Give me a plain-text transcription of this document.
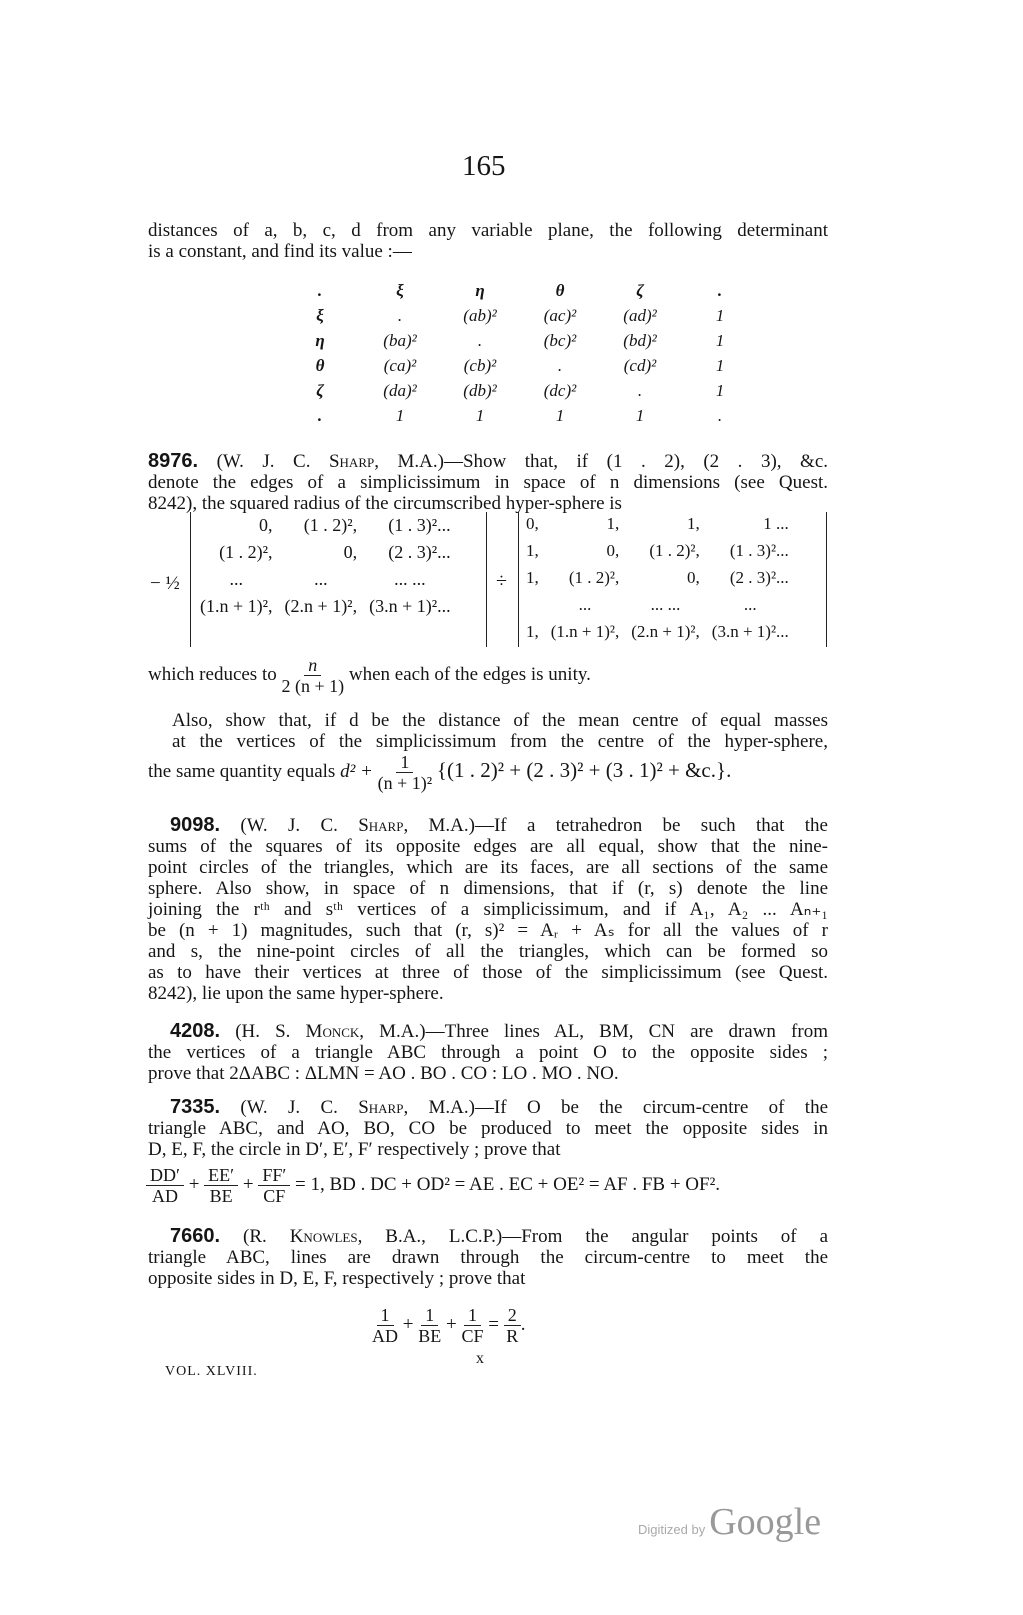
165
distances of a, b, c, d from any variable plane, the following determinant
is a constant, and find its value :—
.	ξ	η	θ	ζ	.
ξ	.	(ab)²	(ac)²	(ad)²	1
η	(ba)²	.	(bc)²	(bd)²	1
θ	(ca)²	(cb)²	.	(cd)²	1
ζ	(da)²	(db)²	(dc)²	.	1
.	1	1	1	1	.
8976. (W. J. C. Sharp, M.A.)—Show that, if (1 . 2), (2 . 3), &c.
denote the edges of a simplicissimum in space of n dimensions (see Quest.
8242), the squared radius of the circumscribed hyper-sphere is
− ½
0,	(1 . 2)²,	(1 . 3)²...
(1 . 2)²,	0,	(2 . 3)²...
...	...	... ...
(1.n + 1)²,	(2.n + 1)²,	(3.n + 1)²...
÷
0,	1,	1,	1 ...
1,	0,	(1 . 2)²,	(1 . 3)²...
1,	(1 . 2)²,	0,	(2 . 3)²...
	...	... ...	...
1,	(1.n + 1)²,	(2.n + 1)²,	(3.n + 1)²...
which reduces to $\frac{n}{2 (n + 1)}$ when each of the edges is unity.
Also, show that, if d be the distance of the mean centre of equal masses
at the vertices of the simplicissimum from the centre of the hyper-sphere,
the same quantity equals $d^2 + \frac{1}{\text{(n + 1)²}} \{(1$ . 2)² + (2 . 3)² + (3 . 1)² + &c.}.
9098. (W. J. C. Sharp, M.A.)—If a tetrahedron be such that the
sums of the squares of its opposite edges are all equal, show that the nine-
point circles of the triangles, which are its faces, are all sections of the same
sphere. Also show, in space of n dimensions, that if (r, s) denote the line
joining the rᵗʰ and sᵗʰ vertices of a simplicissimum, and if A₁, A₂ ... Aₙ₊₁
be (n + 1) magnitudes, such that (r, s)² = Aᵣ + Aₛ for all the values of r
and s, the nine-point circles of all the triangles, which can be formed so
as to have their vertices at three of those of the simplicissimum (see Quest.
8242), lie upon the same hyper-sphere.
4208. (H. S. Monck, M.A.)—Three lines AL, BM, CN are drawn from
the vertices of a triangle ABC through a point O to the opposite sides ;
prove that 2ΔABC : ΔLMN = AO . BO . CO : LO . MO . NO.
7335. (W. J. C. Sharp, M.A.)—If O be the circum-centre of the
triangle ABC, and AO, BO, CO be produced to meet the opposite sides in
D, E, F, the circle in D′, E′, F′ respectively ; prove that
$\frac{DD'}{AD} + \frac{EE'}{BE} + \frac{FF'}{CF} = 1$, BD . DC + OD² = AE . EC + OE² = AF . FB + OF².
7660. (R. Knowles, B.A., L.C.P.)—From the angular points of a
triangle ABC, lines are drawn through the circum-centre to meet the
opposite sides in D, E, F, respectively ; prove that
$\frac{1}{AD} + \frac{1}{BE} + \frac{1}{CF} = \frac{2}{R}$ .
VOL. XLVIII.
x
Digitized by Google
